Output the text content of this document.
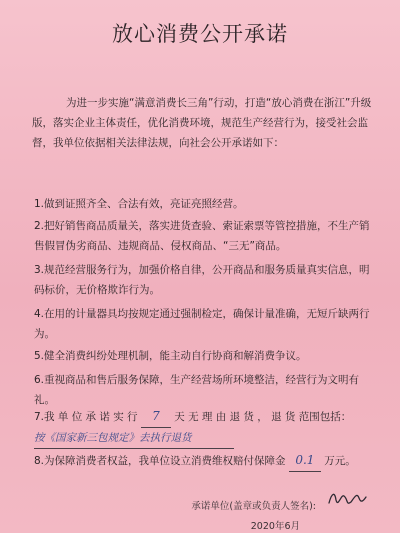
放心消费公开承诺

为进一步实施“满意消费长三角”行动，打造“放心消费在浙江”升级版，落实企业主体责任，优化消费环境，规范生产经营行为，接受社会监督，我单位依据相关法律法规，向社会公开承诺如下：

1.做到证照齐全、合法有效，亮证亮照经营。

2.把好销售商品质量关，落实进货查验、索证索票等管控措施，不生产销售假冒伪劣商品、违规商品、侵权商品、“三无”商品。

3.规范经营服务行为，加强价格自律，公开商品和服务质量真实信息，明码标价，无价格欺诈行为。

4.在用的计量器具均按规定通过强制检定，确保计量准确，无短斤缺两行为。

5.健全消费纠纷处理机制，能主动自行协商和解消费争议。

6.重视商品和售后服务保障，生产经营场所环境整洁，经营行为文明有礼。

7.我 单 位 承 诺 实 行 7 天 无 理 由 退 货 ， 退 货 范围包括： 按《国家新三包规定》去执行退货

8.为保障消费者权益，我单位设立消费维权赔付保障金 0.1 万元。

承诺单位(盖章或负责人签名):
2020年6月
